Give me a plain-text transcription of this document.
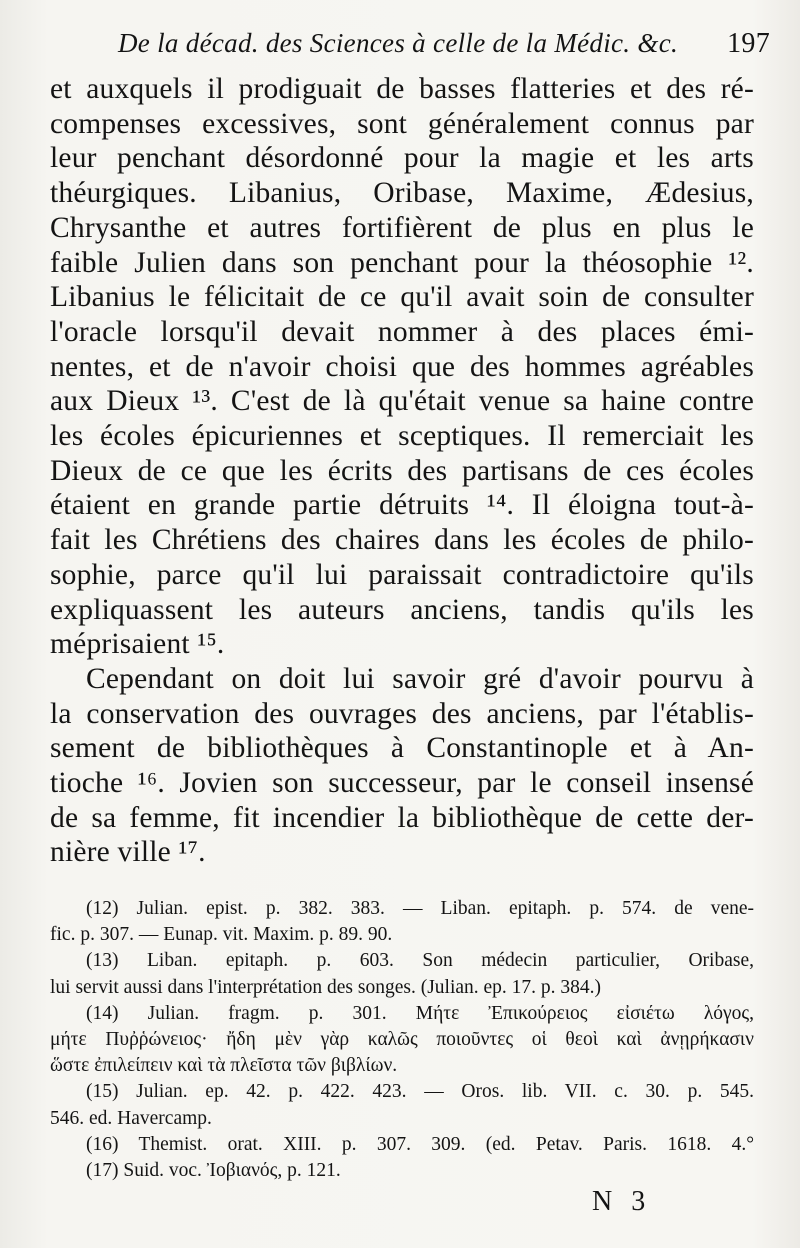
De la décad. des Sciences à celle de la Médic. &c. 197
et auxquels il prodiguait de basses flatteries et des ré-
compenses excessives, sont généralement connus par
leur penchant désordonné pour la magie et les arts
théurgiques. Libanius, Oribase, Maxime, Ædesius,
Chrysanthe et autres fortifièrent de plus en plus le
faible Julien dans son penchant pour la théosophie ¹².
Libanius le félicitait de ce qu'il avait soin de consulter
l'oracle lorsqu'il devait nommer à des places émi-
nentes, et de n'avoir choisi que des hommes agréables
aux Dieux ¹³. C'est de là qu'était venue sa haine contre
les écoles épicuriennes et sceptiques. Il remerciait les
Dieux de ce que les écrits des partisans de ces écoles
étaient en grande partie détruits ¹⁴. Il éloigna tout-à-
fait les Chrétiens des chaires dans les écoles de philo-
sophie, parce qu'il lui paraissait contradictoire qu'ils
expliquassent les auteurs anciens, tandis qu'ils les
méprisaient ¹⁵.
Cependant on doit lui savoir gré d'avoir pourvu à
la conservation des ouvrages des anciens, par l'établis-
sement de bibliothèques à Constantinople et à An-
tioche ¹⁶. Jovien son successeur, par le conseil insensé
de sa femme, fit incendier la bibliothèque de cette der-
nière ville ¹⁷.
(12) Julian. epist. p. 382. 383. — Liban. epitaph. p. 574. de vene-
fic. p. 307. — Eunap. vit. Maxim. p. 89. 90.
(13) Liban. epitaph. p. 603. Son médecin particulier, Oribase,
lui servit aussi dans l'interprétation des songes. (Julian. ep. 17. p. 384.)
(14) Julian. fragm. p. 301. Μήτε Ἐπικούρειος εἰσιέτω λόγος,
μήτε Πυῤῥώνειος· ἤδη μὲν γὰρ καλῶς ποιοῦντες οἱ θεοὶ καὶ ἀνῃρήκασιν
ὥστε ἐπιλείπειν καὶ τὰ πλεῖστα τῶν βιβλίων.
(15) Julian. ep. 42. p. 422. 423. — Oros. lib. VII. c. 30. p. 545.
546. ed. Havercamp.
(16) Themist. orat. XIII. p. 307. 309. (ed. Petav. Paris. 1618. 4.°
(17) Suid. voc. Ἰοβιανός, p. 121.
N 3
